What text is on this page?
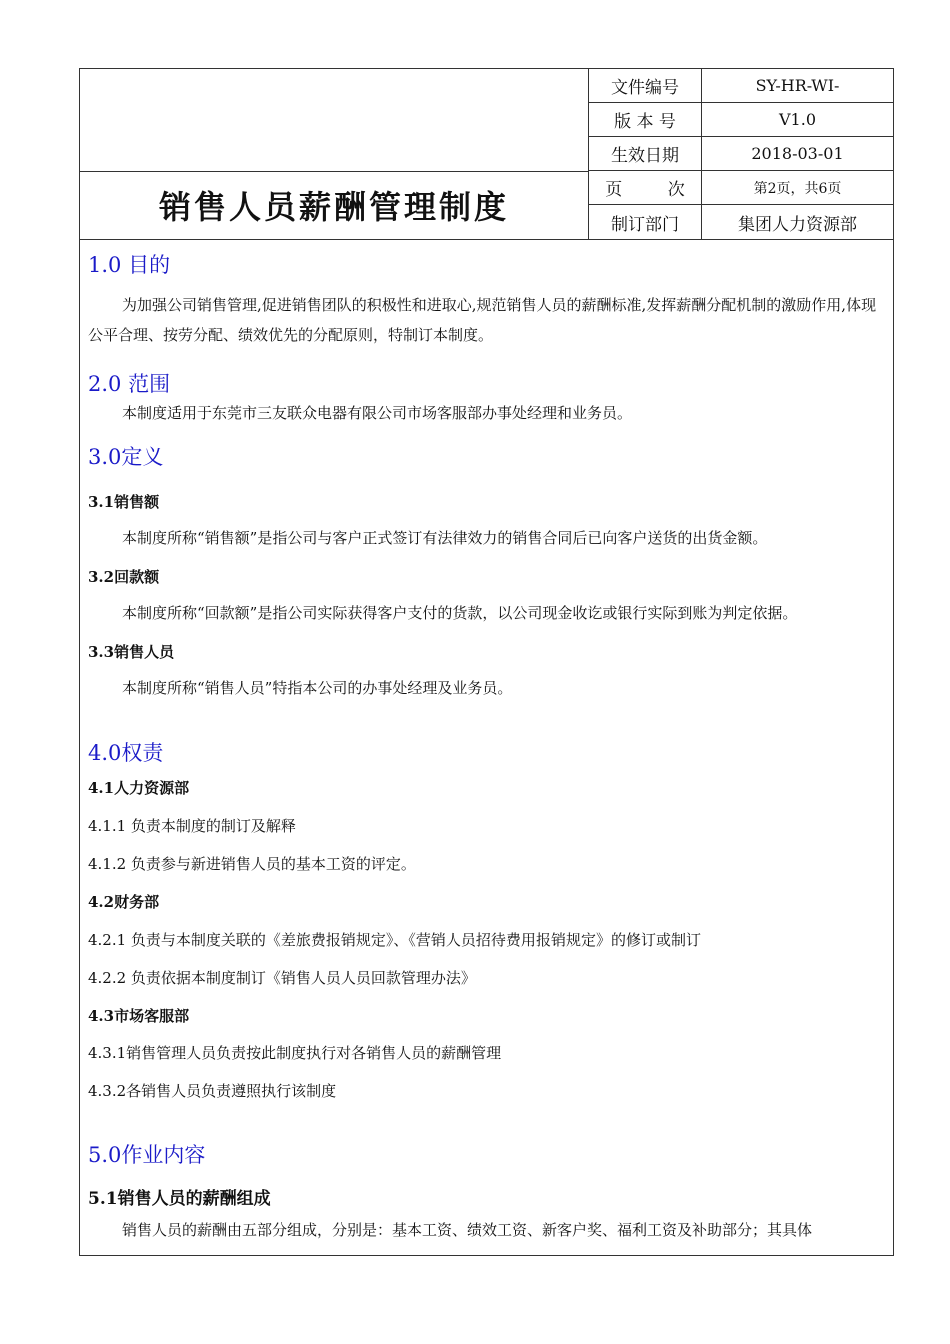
销售人员薪酬管理制度
文件编号	SY-HR-WI-
版 本 号	V1.0
生效日期	2018-03-01
页 次	第2页，共6页
制订部门	集团人力资源部
1.0 目的
为加强公司销售管理,促进销售团队的积极性和进取心,规范销售人员的薪酬标准,发挥薪酬分配机制的激励作用,体现公平合理、按劳分配、绩效优先的分配原则，特制订本制度。
2.0 范围
本制度适用于东莞市三友联众电器有限公司市场客服部办事处经理和业务员。
3.0定义
3.1销售额
本制度所称“销售额”是指公司与客户正式签订有法律效力的销售合同后已向客户送货的出货金额。
3.2回款额
本制度所称“回款额”是指公司实际获得客户支付的货款，以公司现金收讫或银行实际到账为判定依据。
3.3销售人员
本制度所称“销售人员”特指本公司的办事处经理及业务员。
4.0权责
4.1人力资源部
4.1.1 负责本制度的制订及解释
4.1.2 负责参与新进销售人员的基本工资的评定。
4.2财务部
4.2.1 负责与本制度关联的《差旅费报销规定》、《营销人员招待费用报销规定》的修订或制订
4.2.2 负责依据本制度制订《销售人员人员回款管理办法》
4.3市场客服部
4.3.1销售管理人员负责按此制度执行对各销售人员的薪酬管理
4.3.2各销售人员负责遵照执行该制度
5.0作业内容
5.1销售人员的薪酬组成
销售人员的薪酬由五部分组成，分别是：基本工资、绩效工资、新客户奖、福利工资及补助部分；其具体
